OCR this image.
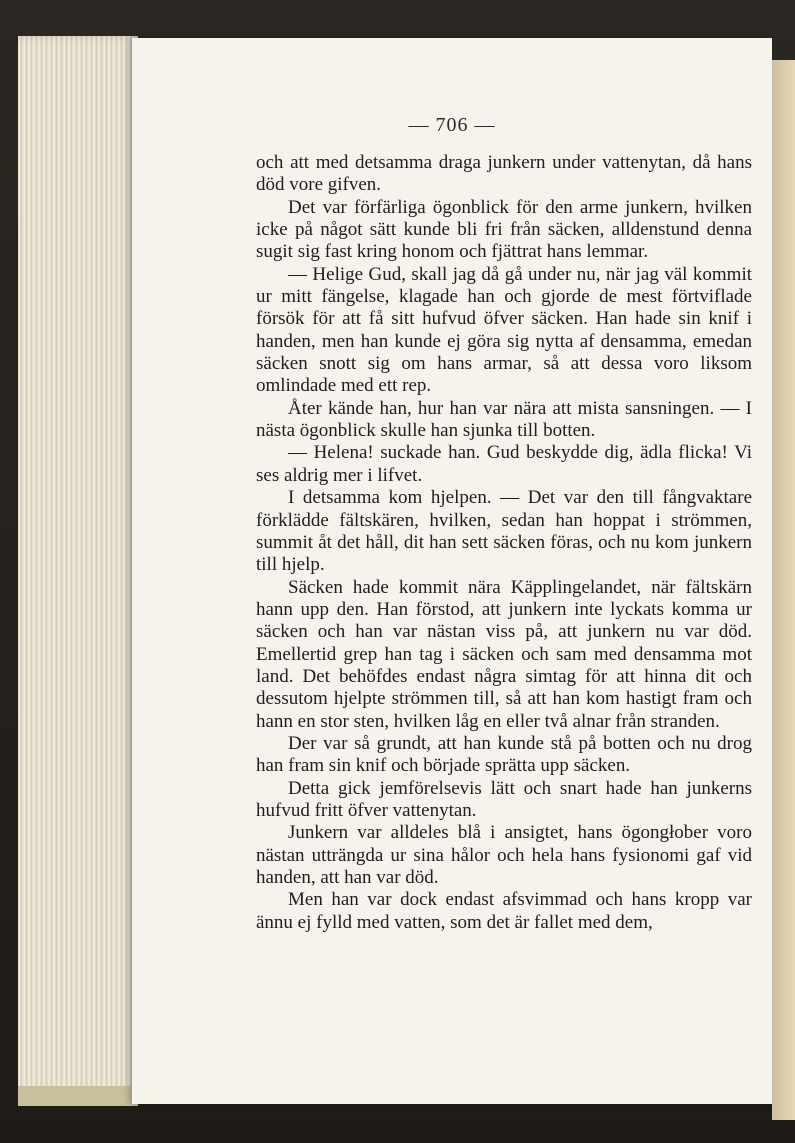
— 706 —

och att med detsamma draga junkern under vattenytan, då hans död vore gifven.

Det var förfärliga ögonblick för den arme junkern, hvilken icke på något sätt kunde bli fri från säcken, alldenstund denna sugit sig fast kring honom och fjättrat hans lemmar.

— Helige Gud, skall jag då gå under nu, när jag väl kommit ur mitt fängelse, klagade han och gjorde de mest förtviflade försök för att få sitt hufvud öfver säcken. Han hade sin knif i handen, men han kunde ej göra sig nytta af densamma, emedan säcken snott sig om hans armar, så att dessa voro liksom omlindade med ett rep.

Åter kände han, hur han var nära att mista sansningen. — I nästa ögonblick skulle han sjunka till botten.

— Helena! suckade han. Gud beskydde dig, ädla flicka! Vi ses aldrig mer i lifvet.

I detsamma kom hjelpen. — Det var den till fångvaktare förklädde fältskären, hvilken, sedan han hoppat i strömmen, summit åt det håll, dit han sett säcken föras, och nu kom junkern till hjelp.

Säcken hade kommit nära Käpplingelandet, när fältskärn hann upp den. Han förstod, att junkern inte lyckats komma ur säcken och han var nästan viss på, att junkern nu var död. Emellertid grep han tag i säcken och sam med densamma mot land. Det behöfdes endast några simtag för att hinna dit och dessutom hjelpte strömmen till, så att han kom hastigt fram och hann en stor sten, hvilken låg en eller två alnar från stranden.

Der var så grundt, att han kunde stå på botten och nu drog han fram sin knif och började sprätta upp säcken.

Detta gick jemförelsevis lätt och snart hade han junkerns hufvud fritt öfver vattenytan.

Junkern var alldeles blå i ansigtet, hans ögongłober voro nästan utträngda ur sina hålor och hela hans fysionomi gaf vid handen, att han var död.

Men han var dock endast afsvimmad och hans kropp var ännu ej fylld med vatten, som det är fallet med dem,
